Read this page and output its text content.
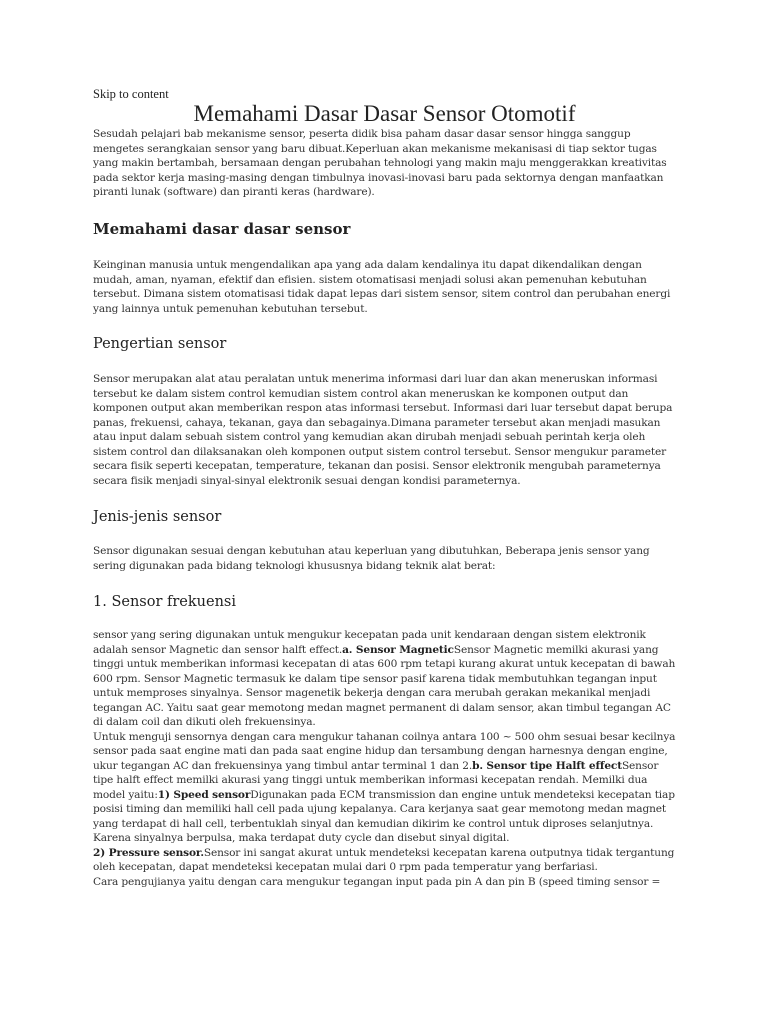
Skip to content
Memahami Dasar Dasar Sensor Otomotif

Sesudah pelajari bab mekanisme sensor, peserta didik bisa paham dasar dasar sensor hingga sanggup mengetes serangkaian sensor yang baru dibuat.Keperluan akan mekanisme mekanisasi di tiap sektor tugas yang makin bertambah, bersamaan dengan perubahan tehnologi yang makin maju menggerakkan kreativitas pada sektor kerja masing-masing dengan timbulnya inovasi-inovasi baru pada sektornya dengan manfaatkan piranti lunak (software) dan piranti keras (hardware).

Memahami dasar dasar sensor

Keinginan manusia untuk mengendalikan apa yang ada dalam kendalinya itu dapat dikendalikan dengan mudah, aman, nyaman, efektif dan efisien. sistem otomatisasi menjadi solusi akan pemenuhan kebutuhan tersebut. Dimana sistem otomatisasi tidak dapat lepas dari sistem sensor, sitem control dan perubahan energi yang lainnya untuk pemenuhan kebutuhan tersebut.

Pengertian sensor

Sensor merupakan alat atau peralatan untuk menerima informasi dari luar dan akan meneruskan informasi tersebut ke dalam sistem control kemudian sistem control akan meneruskan ke komponen output dan komponen output akan memberikan respon atas informasi tersebut. Informasi dari luar tersebut dapat berupa panas, frekuensi, cahaya, tekanan, gaya dan sebagainya.Dimana parameter tersebut akan menjadi masukan atau input dalam sebuah sistem control yang kemudian akan dirubah menjadi sebuah perintah kerja oleh sistem control dan dilaksanakan oleh komponen output sistem control tersebut. Sensor mengukur parameter secara fisik seperti kecepatan, temperature, tekanan dan posisi. Sensor elektronik mengubah parameternya secara fisik menjadi sinyal-sinyal elektronik sesuai dengan kondisi parameternya.

Jenis-jenis sensor

Sensor digunakan sesuai dengan kebutuhan atau keperluan yang dibutuhkan, Beberapa jenis sensor yang sering digunakan pada bidang teknologi khususnya bidang teknik alat berat:

1. Sensor frekuensi

sensor yang sering digunakan untuk mengukur kecepatan pada unit kendaraan dengan sistem elektronik adalah sensor Magnetic dan sensor halft effect.a. Sensor MagneticSensor Magnetic memilki akurasi yang tinggi untuk memberikan informasi kecepatan di atas 600 rpm tetapi kurang akurat untuk kecepatan di bawah 600 rpm. Sensor Magnetic termasuk ke dalam tipe sensor pasif karena tidak membutuhkan tegangan input untuk memproses sinyalnya. Sensor magenetik bekerja dengan cara merubah gerakan mekanikal menjadi tegangan AC. Yaitu saat gear memotong medan magnet permanent di dalam sensor, akan timbul tegangan AC di dalam coil dan dikuti oleh frekuensinya.
Untuk menguji sensornya dengan cara mengukur tahanan coilnya antara 100 ~ 500 ohm sesuai besar kecilnya sensor pada saat engine mati dan pada saat engine hidup dan tersambung dengan harnesnya dengan engine, ukur tegangan AC dan frekuensinya yang timbul antar terminal 1 dan 2.b. Sensor tipe Halft effectSensor tipe halft effect memilki akurasi yang tinggi untuk memberikan informasi kecepatan rendah. Memilki dua model yaitu:1) Speed sensorDigunakan pada ECM transmission dan engine untuk mendeteksi kecepatan tiap posisi timing dan memiliki hall cell pada ujung kepalanya. Cara kerjanya saat gear memotong medan magnet yang terdapat di hall cell, terbentuklah sinyal dan kemudian dikirim ke control untuk diproses selanjutnya. Karena sinyalnya berpulsa, maka terdapat duty cycle dan disebut sinyal digital.
2) Pressure sensor.Sensor ini sangat akurat untuk mendeteksi kecepatan karena outputnya tidak tergantung oleh kecepatan, dapat mendeteksi kecepatan mulai dari 0 rpm pada temperatur yang berfariasi.
Cara pengujianya yaitu dengan cara mengukur tegangan input pada pin A dan pin B (speed timing sensor =
